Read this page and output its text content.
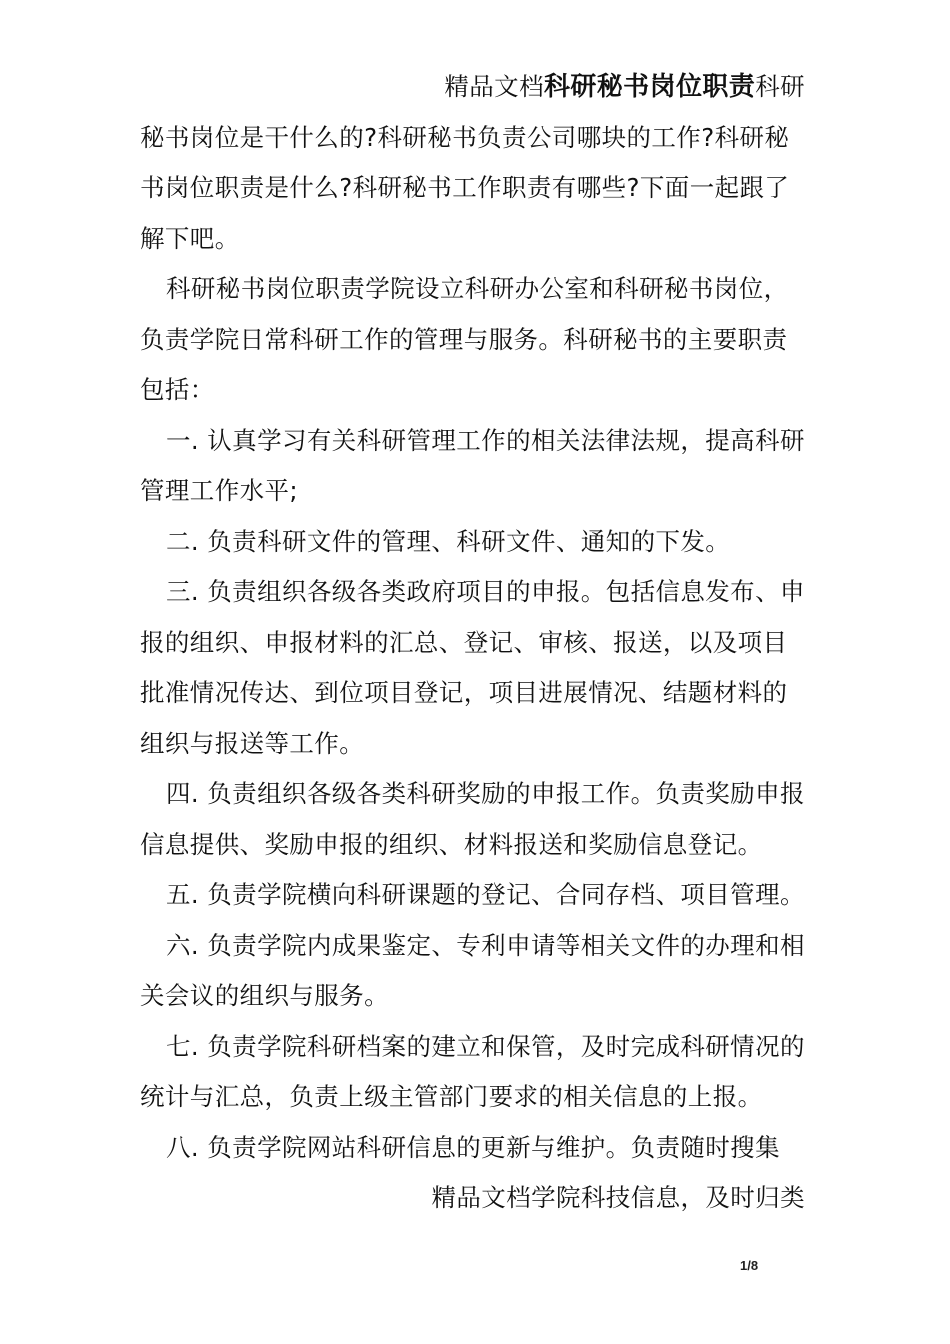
精品文档科研秘书岗位职责科研

秘书岗位是干什么的?科研秘书负责公司哪块的工作?科研秘书岗位职责是什么?科研秘书工作职责有哪些?下面一起跟了解下吧。

科研秘书岗位职责学院设立科研办公室和科研秘书岗位，负责学院日常科研工作的管理与服务。科研秘书的主要职责包括：

一. 认真学习有关科研管理工作的相关法律法规，提高科研管理工作水平;

二. 负责科研文件的管理、科研文件、通知的下发。

三. 负责组织各级各类政府项目的申报。包括信息发布、申报的组织、申报材料的汇总、登记、审核、报送，以及项目批准情况传达、到位项目登记，项目进展情况、结题材料的组织与报送等工作。

四. 负责组织各级各类科研奖励的申报工作。负责奖励申报信息提供、奖励申报的组织、材料报送和奖励信息登记。

五. 负责学院横向科研课题的登记、合同存档、项目管理。

六. 负责学院内成果鉴定、专利申请等相关文件的办理和相关会议的组织与服务。

七. 负责学院科研档案的建立和保管，及时完成科研情况的统计与汇总，负责上级主管部门要求的相关信息的上报。

八. 负责学院网站科研信息的更新与维护。负责随时搜集

精品文档学院科技信息，及时归类
1/8
